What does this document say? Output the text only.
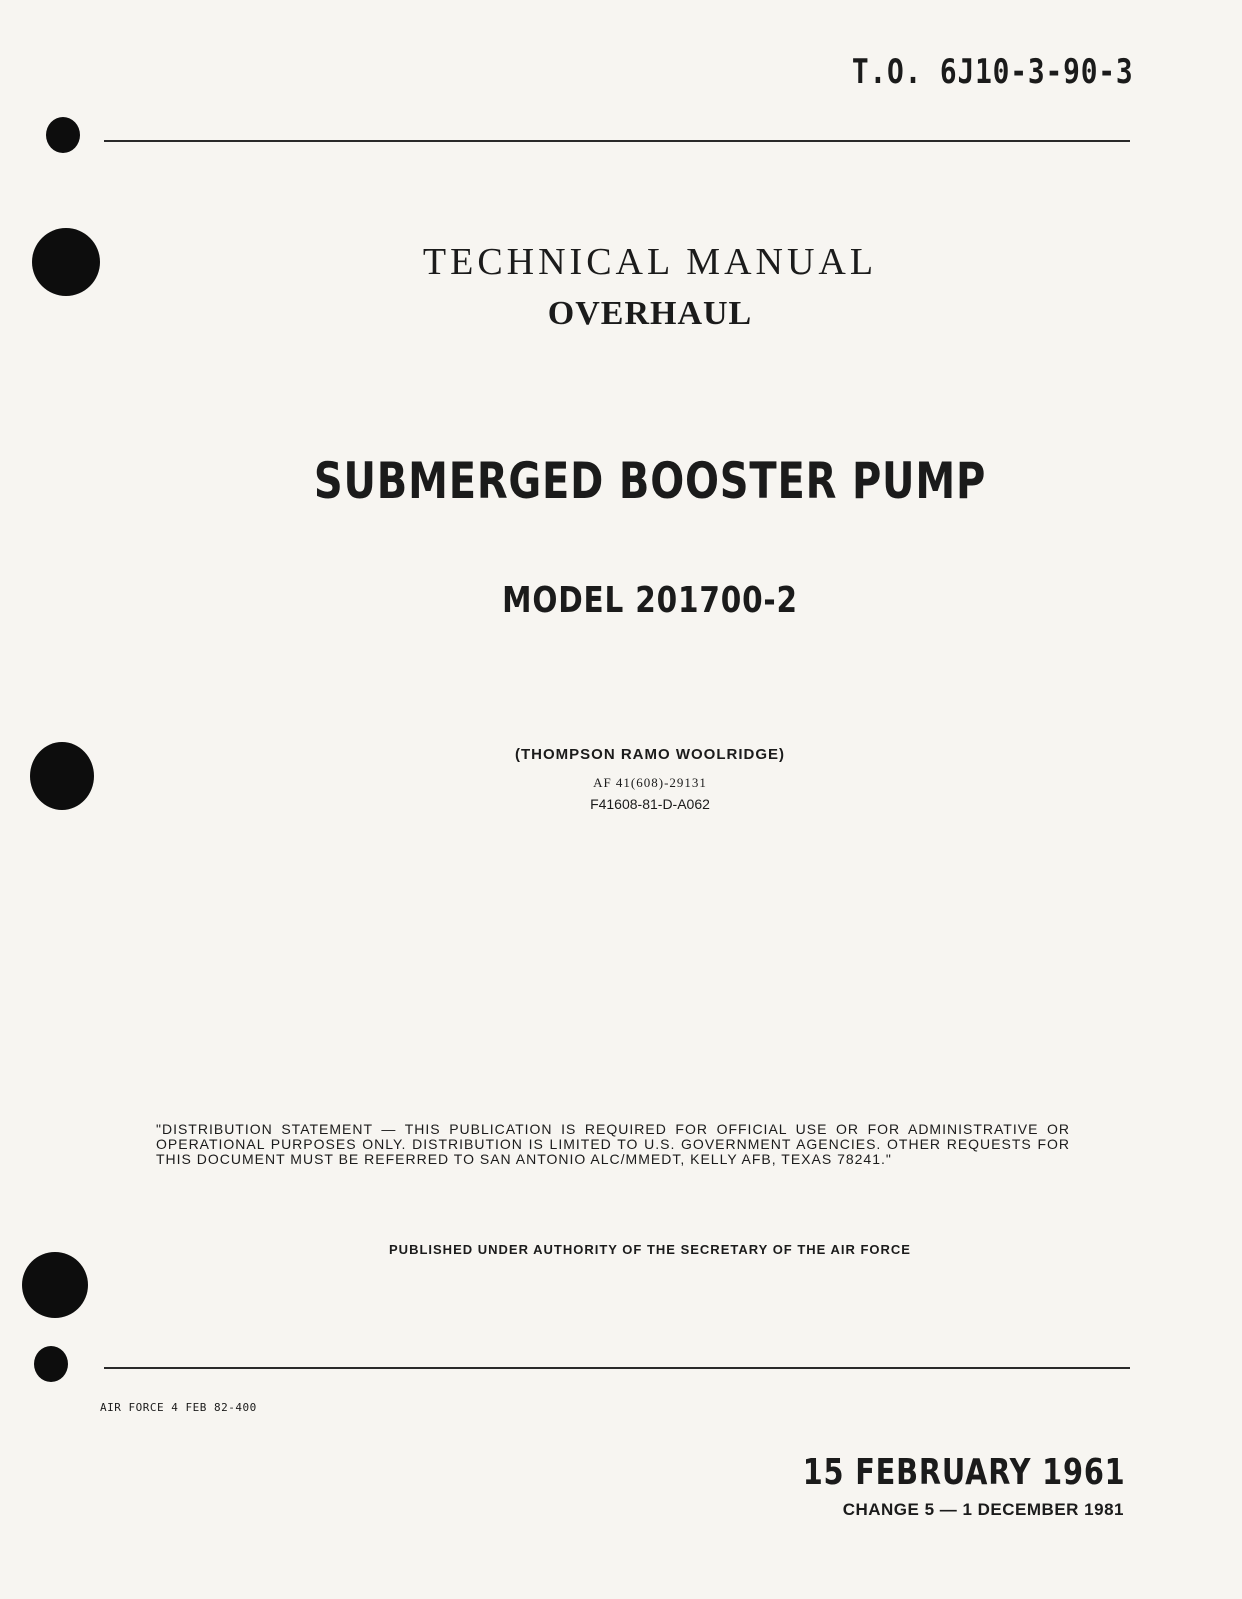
T.O. 6J10-3-90-3
TECHNICAL MANUAL
OVERHAUL
SUBMERGED BOOSTER PUMP
MODEL 201700-2
(THOMPSON RAMO WOOLRIDGE)
AF 41(608)-29131
F41608-81-D-A062
"DISTRIBUTION STATEMENT — THIS PUBLICATION IS REQUIRED FOR OFFICIAL USE OR FOR ADMINISTRATIVE OR OPERATIONAL PURPOSES ONLY. DISTRIBUTION IS LIMITED TO U.S. GOVERNMENT AGENCIES. OTHER REQUESTS FOR THIS DOCUMENT MUST BE REFERRED TO SAN ANTONIO ALC/MMEDT, KELLY AFB, TEXAS 78241."
PUBLISHED UNDER AUTHORITY OF THE SECRETARY OF THE AIR FORCE
AIR FORCE 4 FEB 82-400
15 FEBRUARY 1961
CHANGE 5 — 1 DECEMBER 1981
